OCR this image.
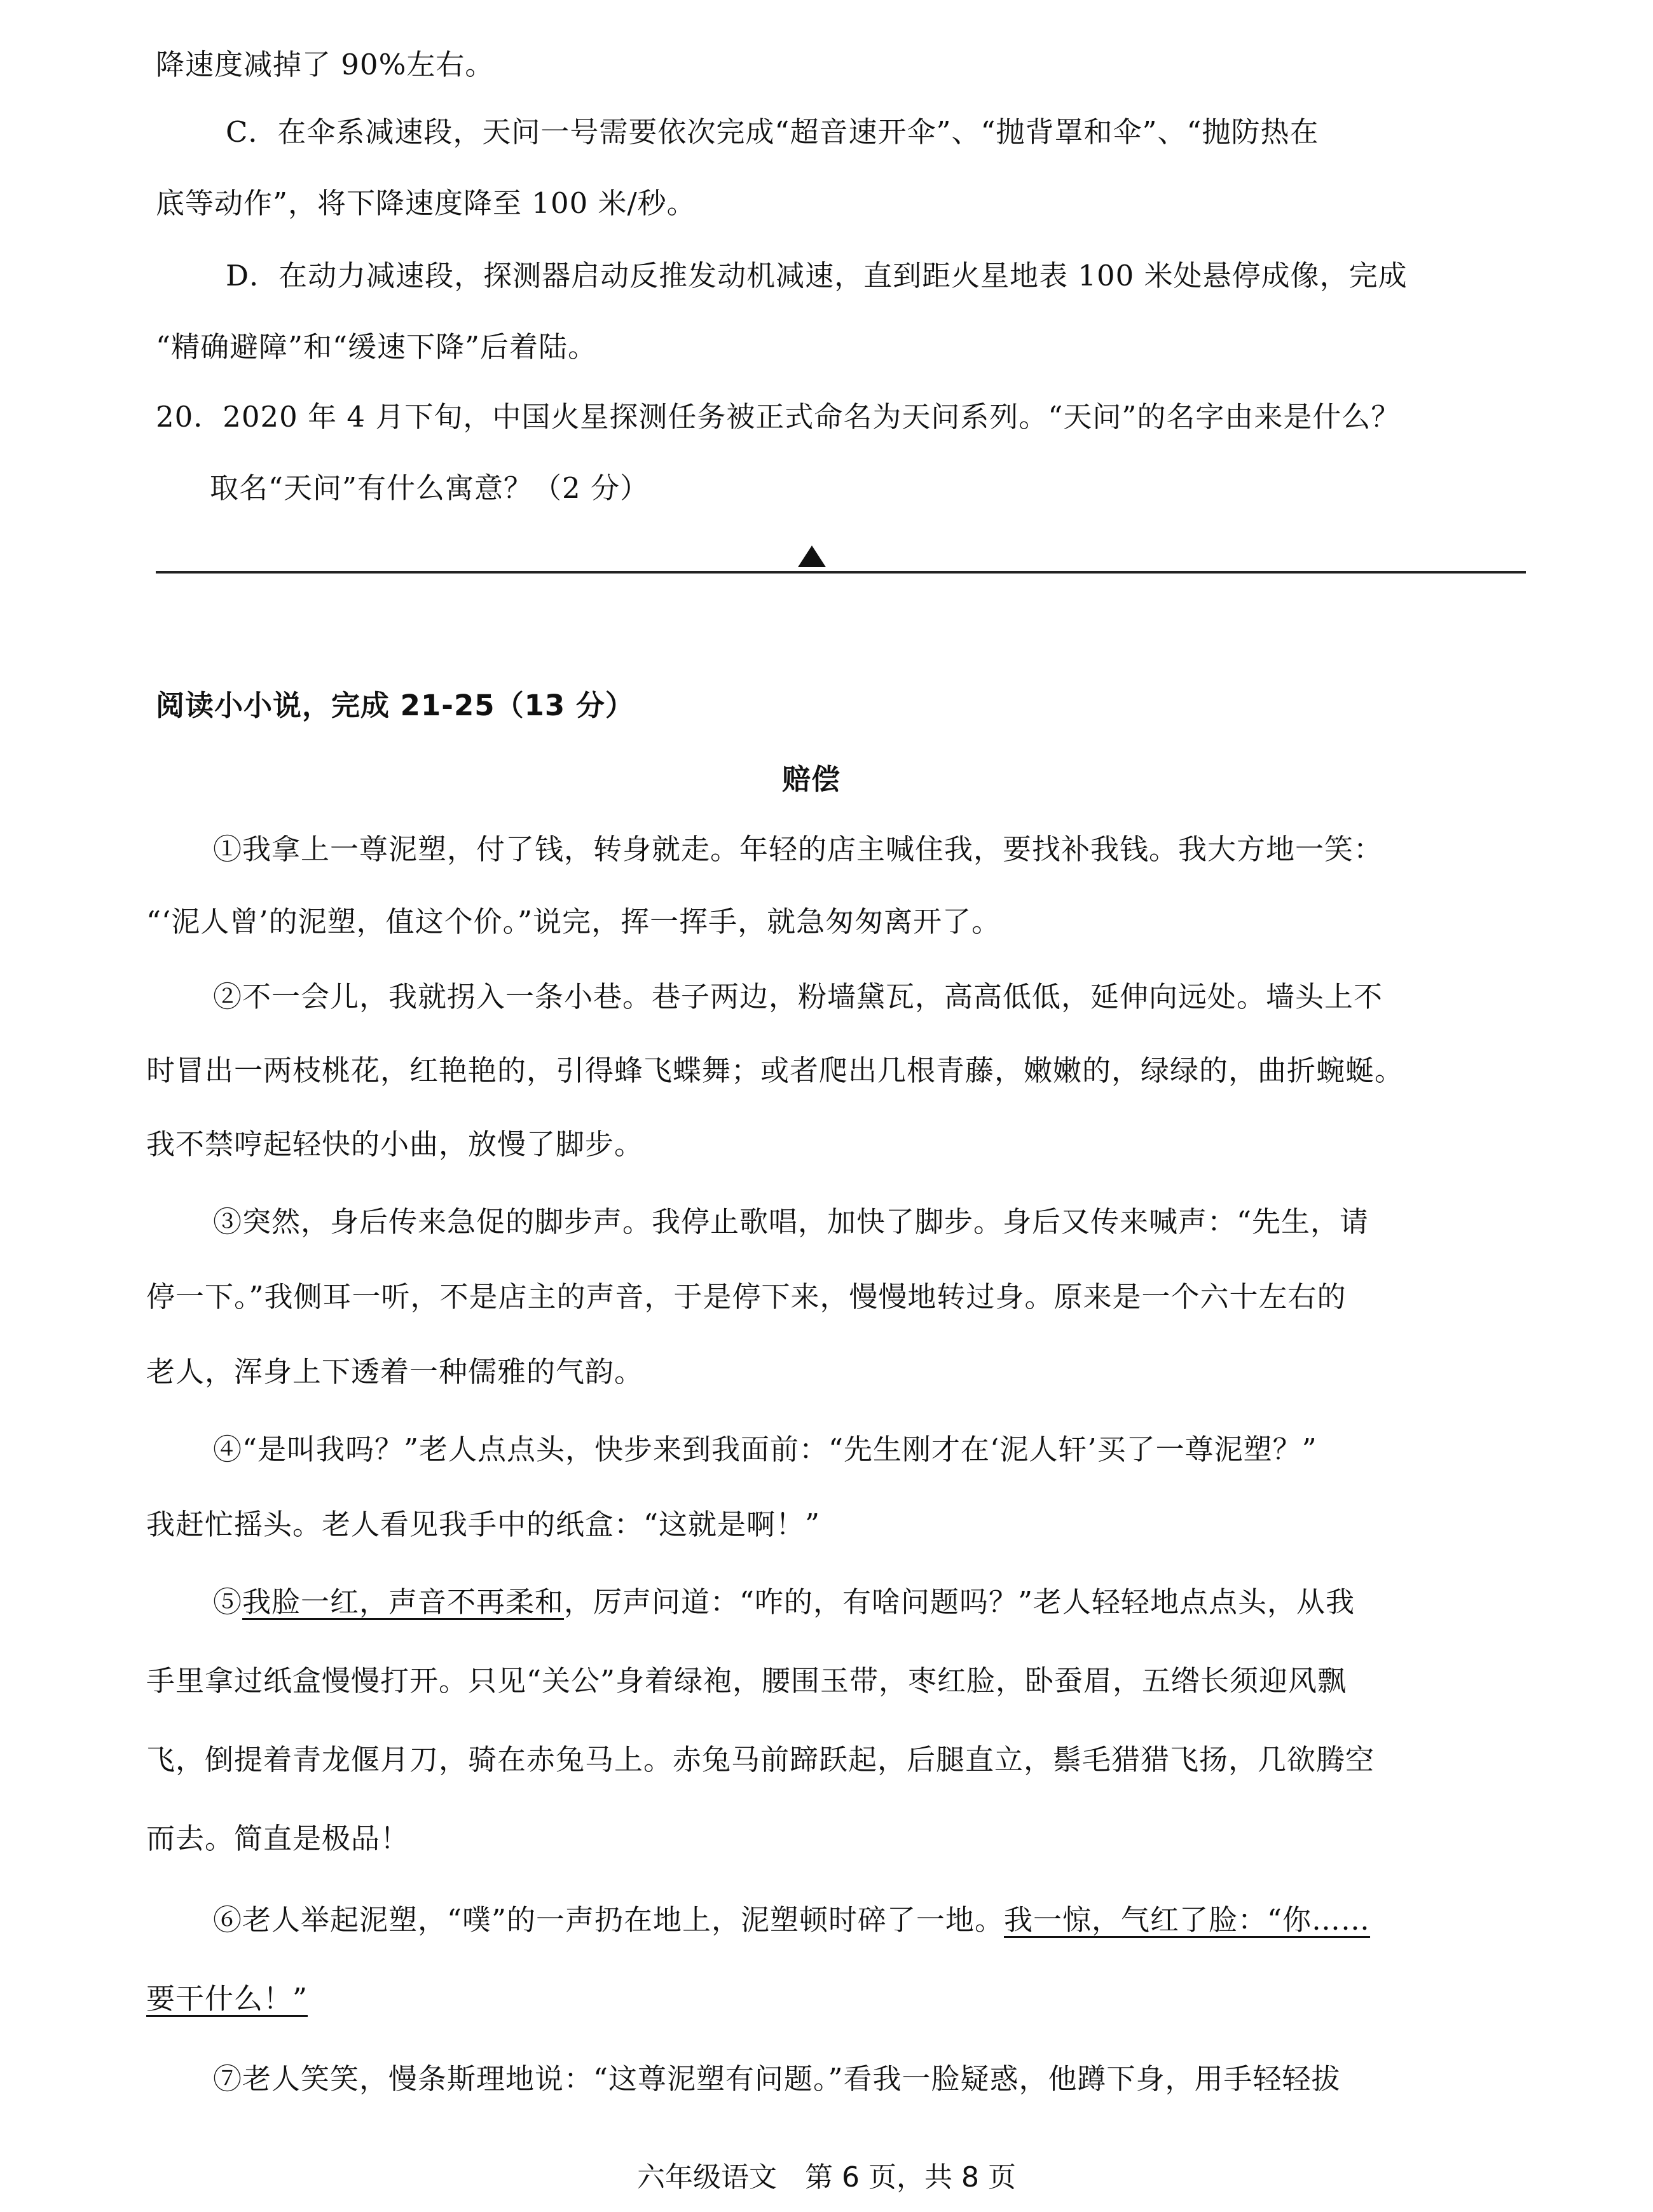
降速度减掉了 90%左右。
C．在伞系减速段，天问一号需要依次完成“超音速开伞”、“抛背罩和伞”、“抛防热在
底等动作”，将下降速度降至 100 米/秒。
D．在动力减速段，探测器启动反推发动机减速，直到距火星地表 100 米处悬停成像，完成
“精确避障”和“缓速下降”后着陆。
20．2020 年 4 月下旬，中国火星探测任务被正式命名为天问系列。“天问”的名字由来是什么？
取名“天问”有什么寓意？（2 分）
阅读小小说，完成 21-25（13 分）
赔偿
①我拿上一尊泥塑，付了钱，转身就走。年轻的店主喊住我，要找补我钱。我大方地一笑：
“‘泥人曾’的泥塑，值这个价。”说完，挥一挥手，就急匆匆离开了。
②不一会儿，我就拐入一条小巷。巷子两边，粉墙黛瓦，高高低低，延伸向远处。墙头上不
时冒出一两枝桃花，红艳艳的，引得蜂飞蝶舞；或者爬出几根青藤，嫩嫩的，绿绿的，曲折蜿蜒。
我不禁哼起轻快的小曲，放慢了脚步。
③突然，身后传来急促的脚步声。我停止歌唱，加快了脚步。身后又传来喊声：“先生，请
停一下。”我侧耳一听，不是店主的声音，于是停下来，慢慢地转过身。原来是一个六十左右的
老人，浑身上下透着一种儒雅的气韵。
④“是叫我吗？”老人点点头，快步来到我面前：“先生刚才在‘泥人轩’买了一尊泥塑？”
我赶忙摇头。老人看见我手中的纸盒：“这就是啊！”
⑤我脸一红，声音不再柔和，厉声问道：“咋的，有啥问题吗？”老人轻轻地点点头，从我
手里拿过纸盒慢慢打开。只见“关公”身着绿袍，腰围玉带，枣红脸，卧蚕眉，五绺长须迎风飘
飞，倒提着青龙偃月刀，骑在赤兔马上。赤兔马前蹄跃起，后腿直立，鬃毛猎猎飞扬，几欲腾空
而去。简直是极品！
⑥老人举起泥塑，“噗”的一声扔在地上，泥塑顿时碎了一地。我一惊，气红了脸：“你……
要干什么！”
⑦老人笑笑，慢条斯理地说：“这尊泥塑有问题。”看我一脸疑惑，他蹲下身，用手轻轻拔
六年级语文　第 6 页，共 8 页
